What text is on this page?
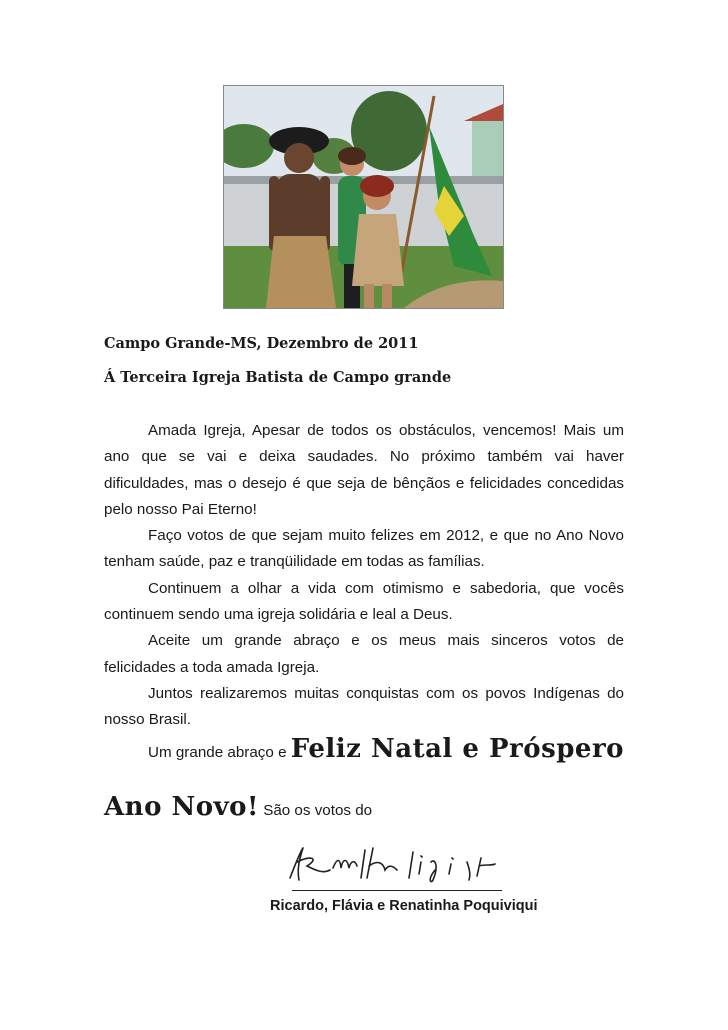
Campo Grande-MS, Dezembro de 2011
Á Terceira Igreja Batista de Campo grande

Amada Igreja, Apesar de todos os obstáculos, vencemos! Mais um ano que se vai e deixa saudades. No próximo também vai haver dificuldades, mas o desejo é que seja de bênçãos e felicidades concedidas pelo nosso Pai Eterno!

Faço votos de que sejam muito felizes em 2012, e que no Ano Novo tenham saúde, paz e tranqüilidade em todas as famílias.

Continuem a olhar a vida com otimismo e sabedoria, que vocês continuem sendo uma igreja solidária e leal a Deus.

Aceite um grande abraço e os meus mais sinceros votos de felicidades a toda amada Igreja.

Juntos realizaremos muitas conquistas com os povos Indígenas do nosso Brasil.

Um grande abraço e Feliz Natal e Próspero Ano Novo! São os votos do
Ricardo, Flávia e Renatinha Poquiviqui
